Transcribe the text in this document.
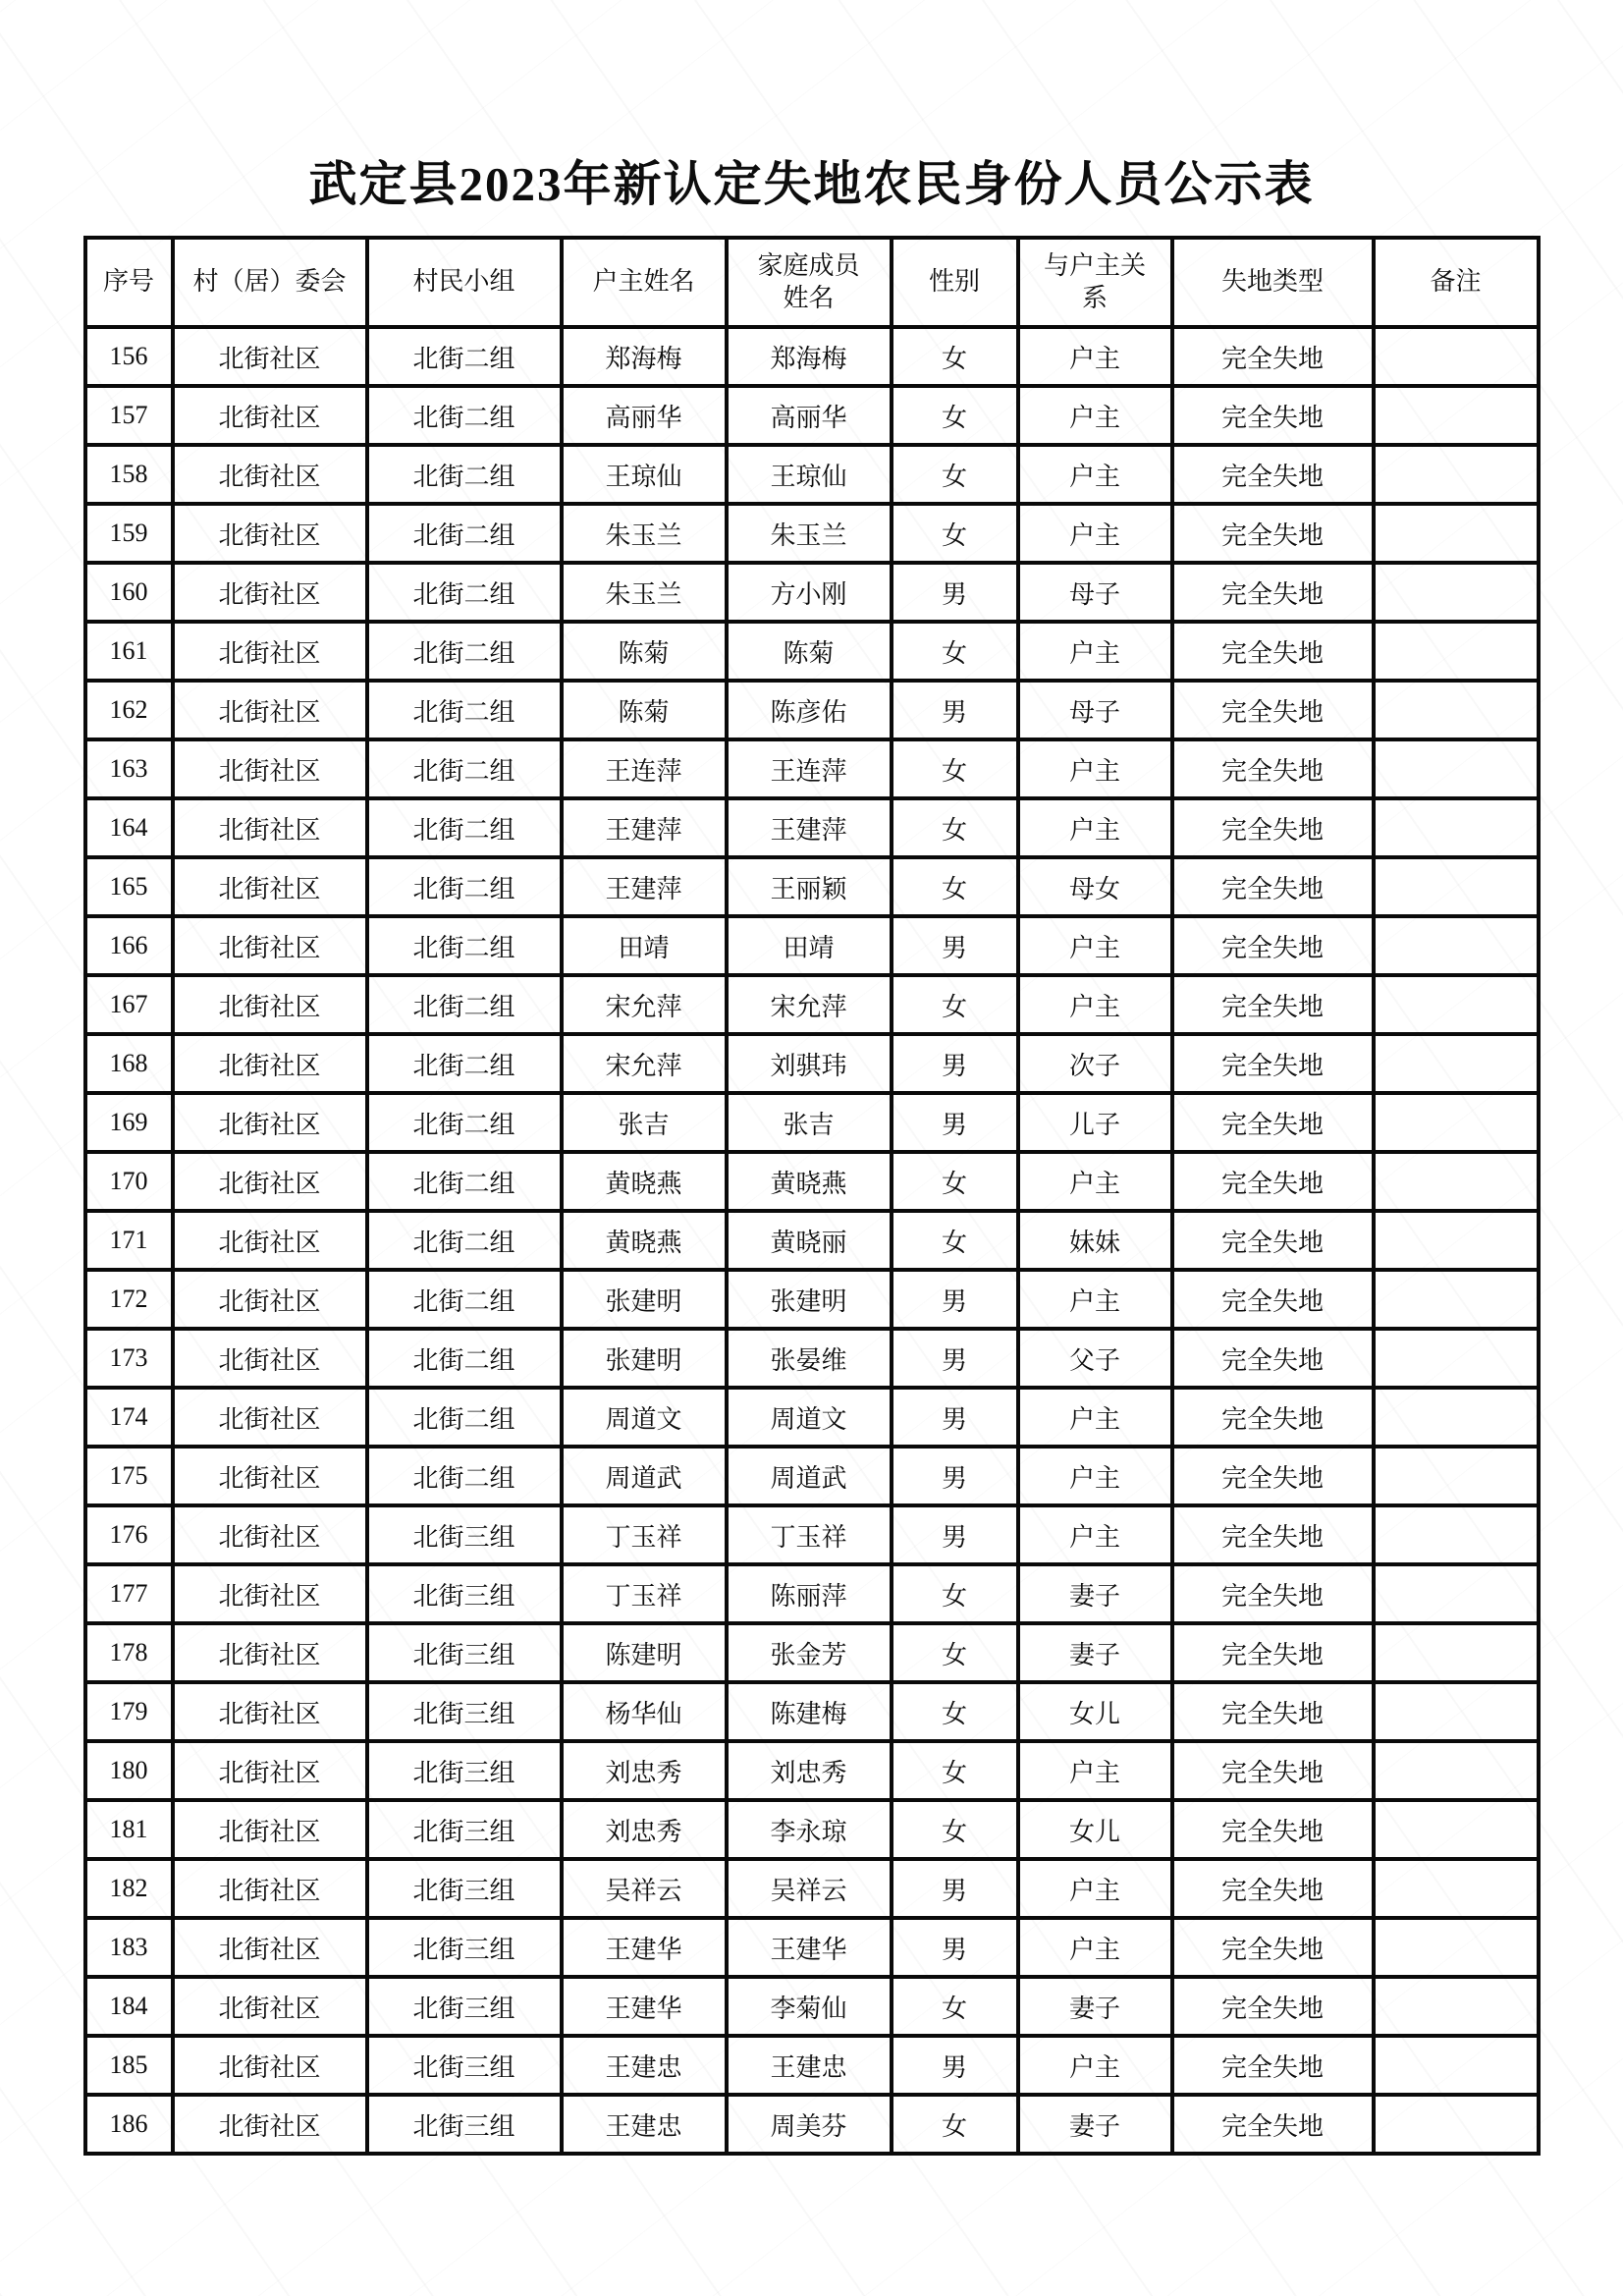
武定县2023年新认定失地农民身份人员公示表
序号	村（居）委会	村民小组	户主姓名	家庭成员姓名	性别	与户主关系	失地类型	备注
156	北街社区	北街二组	郑海梅	郑海梅	女	户主	完全失地	
157	北街社区	北街二组	高丽华	高丽华	女	户主	完全失地	
158	北街社区	北街二组	王琼仙	王琼仙	女	户主	完全失地	
159	北街社区	北街二组	朱玉兰	朱玉兰	女	户主	完全失地	
160	北街社区	北街二组	朱玉兰	方小刚	男	母子	完全失地	
161	北街社区	北街二组	陈菊	陈菊	女	户主	完全失地	
162	北街社区	北街二组	陈菊	陈彦佑	男	母子	完全失地	
163	北街社区	北街二组	王连萍	王连萍	女	户主	完全失地	
164	北街社区	北街二组	王建萍	王建萍	女	户主	完全失地	
165	北街社区	北街二组	王建萍	王丽颖	女	母女	完全失地	
166	北街社区	北街二组	田靖	田靖	男	户主	完全失地	
167	北街社区	北街二组	宋允萍	宋允萍	女	户主	完全失地	
168	北街社区	北街二组	宋允萍	刘骐玮	男	次子	完全失地	
169	北街社区	北街二组	张吉	张吉	男	儿子	完全失地	
170	北街社区	北街二组	黄晓燕	黄晓燕	女	户主	完全失地	
171	北街社区	北街二组	黄晓燕	黄晓丽	女	妹妹	完全失地	
172	北街社区	北街二组	张建明	张建明	男	户主	完全失地	
173	北街社区	北街二组	张建明	张晏维	男	父子	完全失地	
174	北街社区	北街二组	周道文	周道文	男	户主	完全失地	
175	北街社区	北街二组	周道武	周道武	男	户主	完全失地	
176	北街社区	北街三组	丁玉祥	丁玉祥	男	户主	完全失地	
177	北街社区	北街三组	丁玉祥	陈丽萍	女	妻子	完全失地	
178	北街社区	北街三组	陈建明	张金芳	女	妻子	完全失地	
179	北街社区	北街三组	杨华仙	陈建梅	女	女儿	完全失地	
180	北街社区	北街三组	刘忠秀	刘忠秀	女	户主	完全失地	
181	北街社区	北街三组	刘忠秀	李永琼	女	女儿	完全失地	
182	北街社区	北街三组	吴祥云	吴祥云	男	户主	完全失地	
183	北街社区	北街三组	王建华	王建华	男	户主	完全失地	
184	北街社区	北街三组	王建华	李菊仙	女	妻子	完全失地	
185	北街社区	北街三组	王建忠	王建忠	男	户主	完全失地	
186	北街社区	北街三组	王建忠	周美芬	女	妻子	完全失地	
